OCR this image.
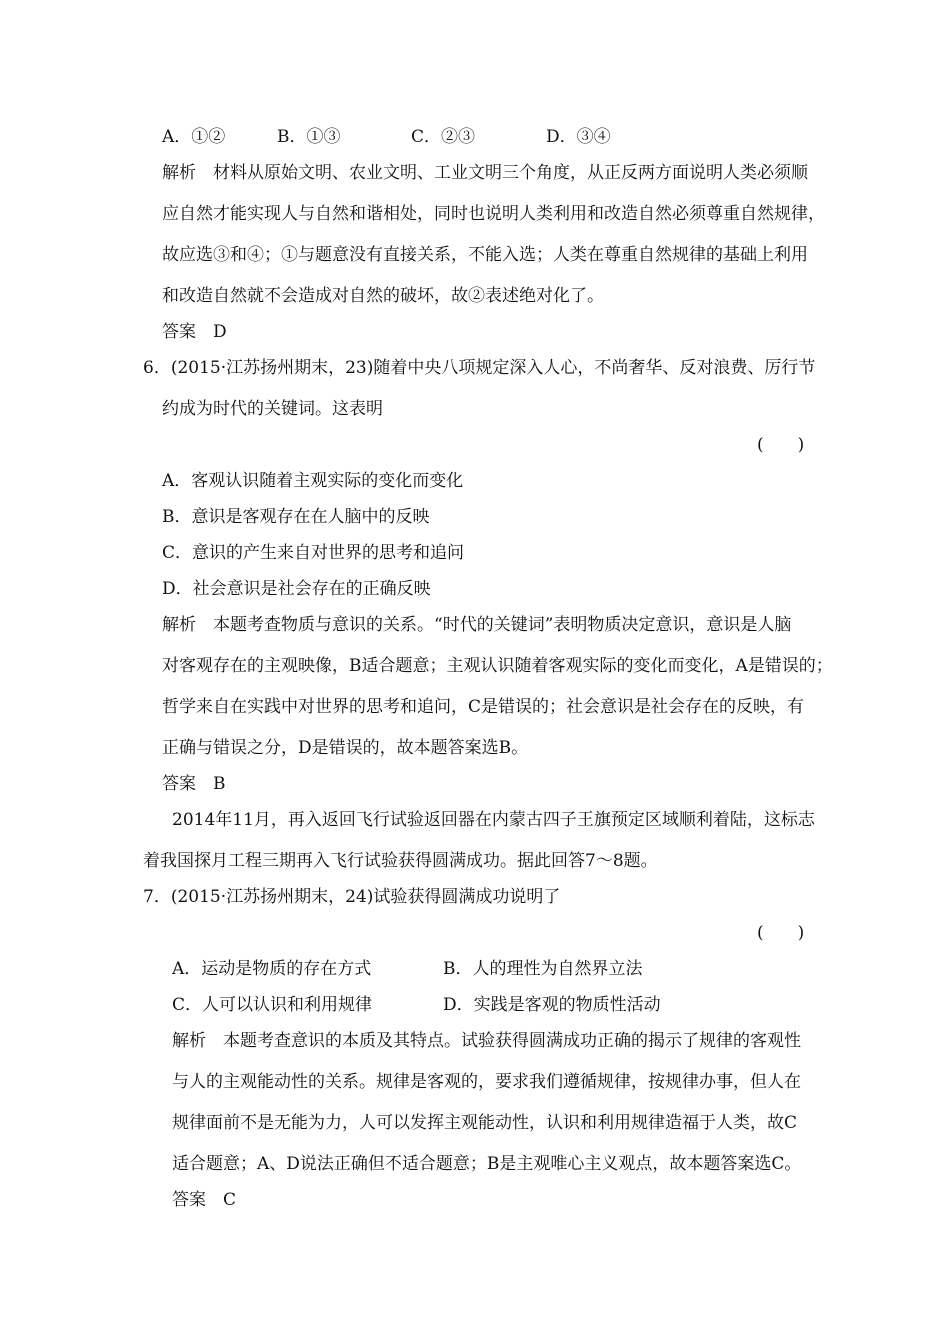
A．①②	B．①③	C．②③	D．③④
解析　材料从原始文明、农业文明、工业文明三个角度，从正反两方面说明人类必须顺
应自然才能实现人与自然和谐相处，同时也说明人类利用和改造自然必须尊重自然规律，
故应选③和④；①与题意没有直接关系，不能入选；人类在尊重自然规律的基础上利用
和改造自然就不会造成对自然的破坏，故②表述绝对化了。
答案　D
6．(2015·江苏扬州期末，23)随着中央八项规定深入人心，不尚奢华、反对浪费、厉行节
约成为时代的关键词。这表明
(　　)
A．客观认识随着主观实际的变化而变化
B．意识是客观存在在人脑中的反映
C．意识的产生来自对世界的思考和追问
D．社会意识是社会存在的正确反映
解析　本题考查物质与意识的关系。“时代的关键词”表明物质决定意识，意识是人脑
对客观存在的主观映像，B适合题意；主观认识随着客观实际的变化而变化，A是错误的；
哲学来自在实践中对世界的思考和追问，C是错误的；社会意识是社会存在的反映，有
正确与错误之分，D是错误的，故本题答案选B。
答案　B
2014年11月，再入返回飞行试验返回器在内蒙古四子王旗预定区域顺利着陆，这标志
着我国探月工程三期再入飞行试验获得圆满成功。据此回答7～8题。
7．(2015·江苏扬州期末，24)试验获得圆满成功说明了
(　　)
A．运动是物质的存在方式	B．人的理性为自然界立法
C．人可以认识和利用规律	D．实践是客观的物质性活动
解析　本题考查意识的本质及其特点。试验获得圆满成功正确的揭示了规律的客观性
与人的主观能动性的关系。规律是客观的，要求我们遵循规律，按规律办事，但人在
规律面前不是无能为力，人可以发挥主观能动性，认识和利用规律造福于人类，故C
适合题意；A、D说法正确但不适合题意；B是主观唯心主义观点，故本题答案选C。
答案　C
